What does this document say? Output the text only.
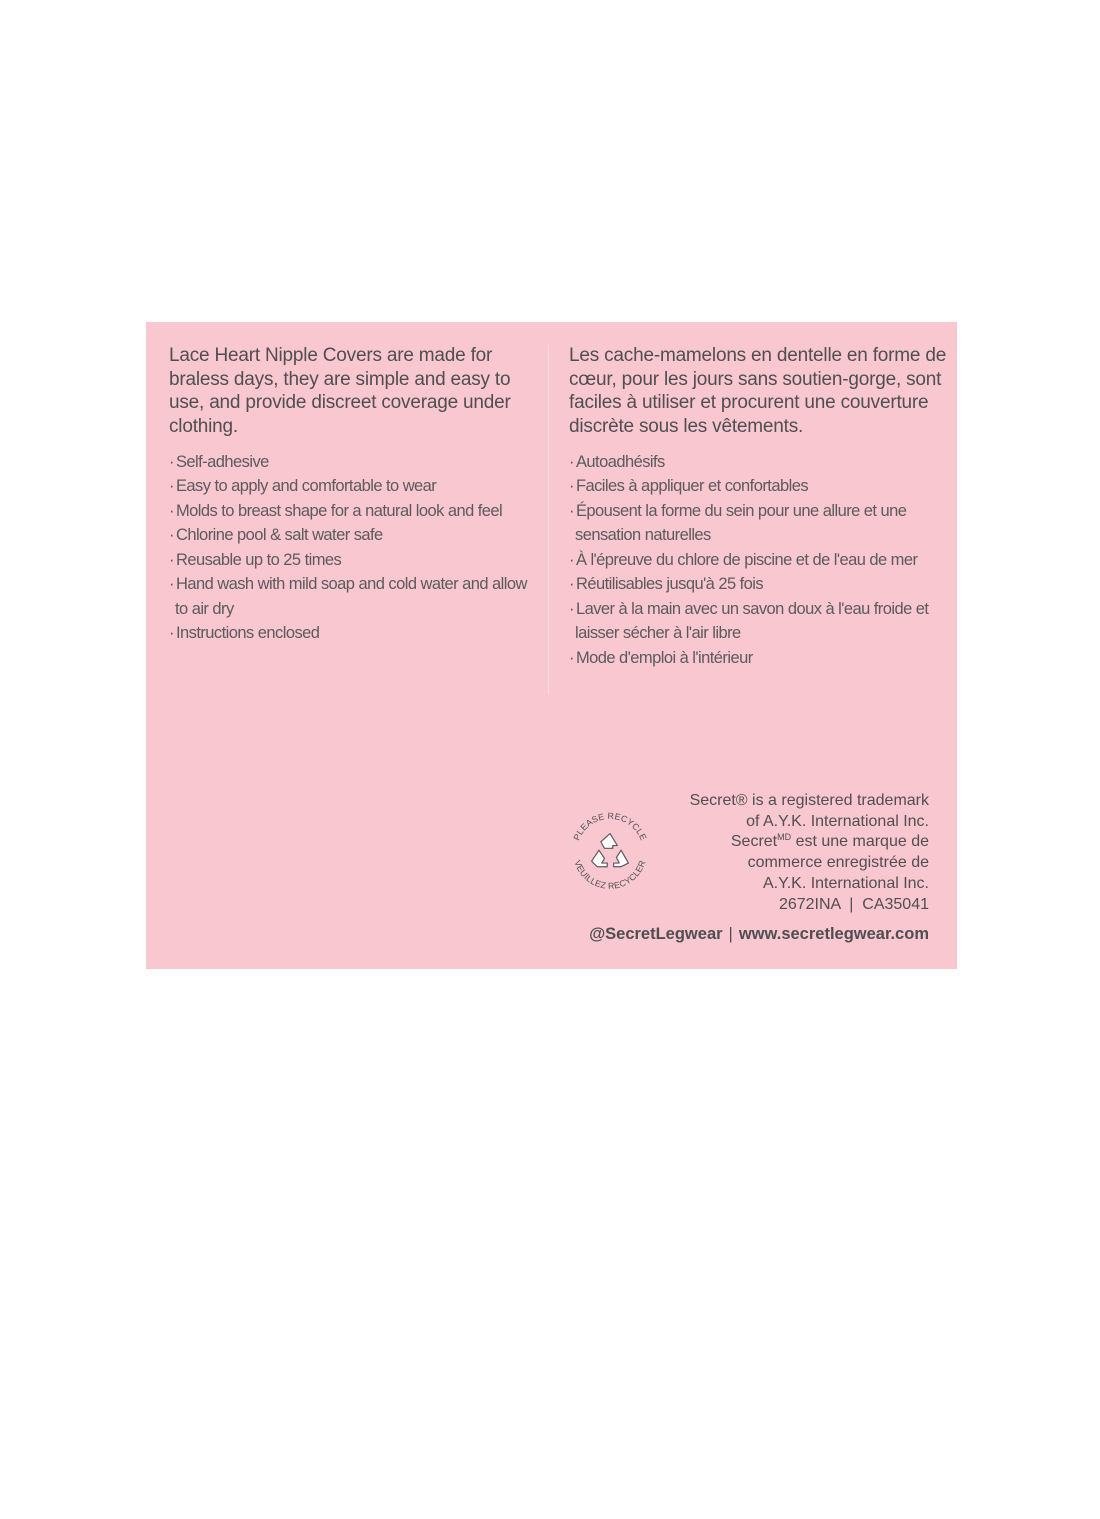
Lace Heart Nipple Covers are made for braless days, they are simple and easy to use, and provide discreet coverage under clothing.

· Self-adhesive
· Easy to apply and comfortable to wear
· Molds to breast shape for a natural look and feel
· Chlorine pool & salt water safe
· Reusable up to 25 times
· Hand wash with mild soap and cold water and allow to air dry
· Instructions enclosed

Les cache-mamelons en dentelle en forme de cœur, pour les jours sans soutien-gorge, sont faciles à utiliser et procurent une couverture discrète sous les vêtements.

· Autoadhésifs
· Faciles à appliquer et confortables
· Épousent la forme du sein pour une allure et une sensation naturelles
· À l'épreuve du chlore de piscine et de l'eau de mer
· Réutilisables jusqu'à 25 fois
· Laver à la main avec un savon doux à l'eau froide et laisser sécher à l'air libre
· Mode d'emploi à l'intérieur
PLEASE RECYCLE
VEUILLEZ RECYCLER
Secret® is a registered trademark
of A.Y.K. International Inc.
Secret$^{MD}$ est une marque de
commerce enregistrée de
A.Y.K. International Inc.
2672INA  |  CA35041
@SecretLegwear | www.secretlegwear.com
